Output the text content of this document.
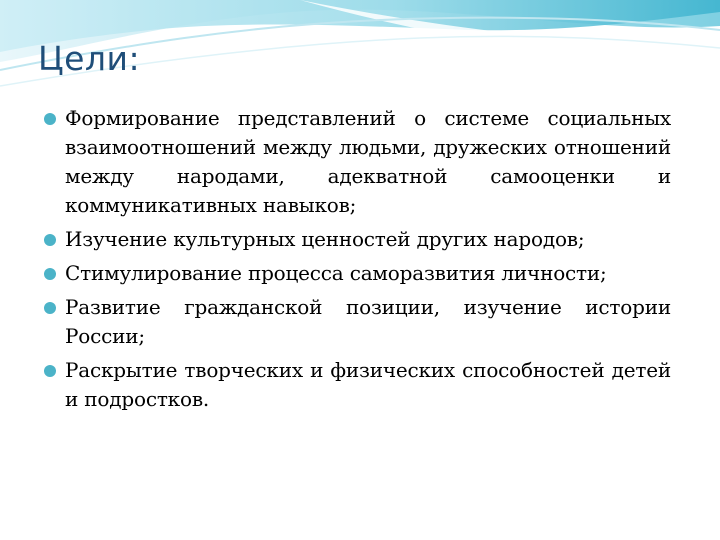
Цели:
Формирование представлений о системе социальных взаимоотношений между людьми, дружеских отношений между народами, адекватной самооценки и коммуникативных навыков;
Изучение культурных ценностей других народов;
Стимулирование процесса саморазвития личности;
Развитие гражданской позиции, изучение истории России;
Раскрытие творческих и физических способностей детей и подростков.
